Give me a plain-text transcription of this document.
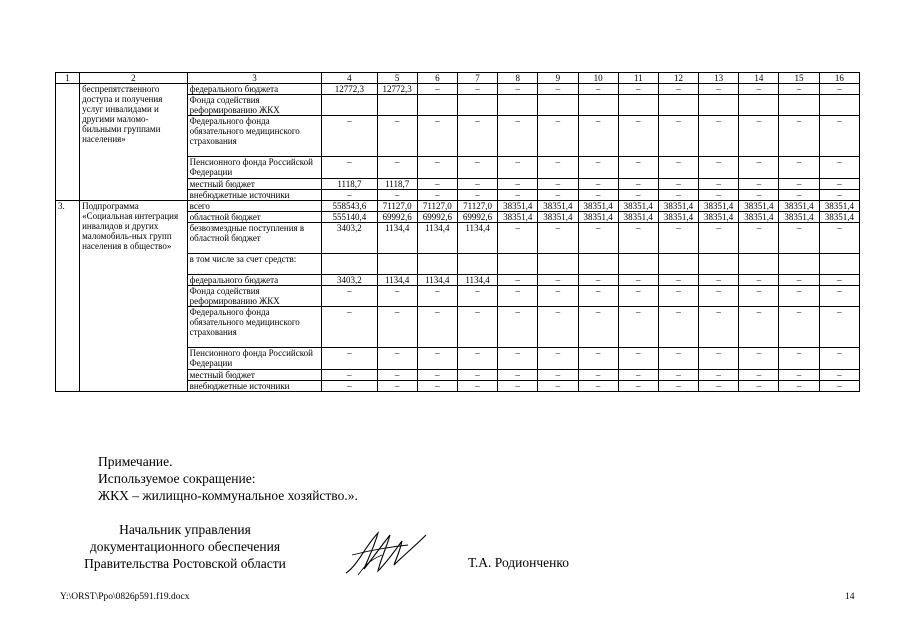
1	2	3	4	5	6	7	8	9	10	11	12	13	14	15	16
	беспрепятственного доступа и получения услуг инвалидами и другими маломо-бильными группами населения»	федерального бюджета	12772,3	12772,3	–	–	–	–	–	–	–	–	–	–	–
		Фонда содействия реформированию ЖКХ													
		Федерального фонда обязательного медицинского страхования	–	–	–	–	–	–	–	–	–	–	–	–	–
		Пенсионного фонда Российской Федерации	–	–	–	–	–	–	–	–	–	–	–	–	–
		местный бюджет	1118,7	1118,7	–	–	–	–	–	–	–	–	–	–	–
		внебюджетные источники	–	–	–	–	–	–	–	–	–	–	–	–	–
3.	Подпрограмма «Социальная интеграция инвалидов и других маломобиль-ных групп населения в общество»	всего	558543,6	71127,0	71127,0	71127,0	38351,4	38351,4	38351,4	38351,4	38351,4	38351,4	38351,4	38351,4	38351,4
		областной бюджет	555140,4	69992,6	69992,6	69992,6	38351,4	38351,4	38351,4	38351,4	38351,4	38351,4	38351,4	38351,4	38351,4
		безвозмездные поступления в областной бюджет	3403,2	1134,4	1134,4	1134,4	–	–	–	–	–	–	–	–	–
		в том числе за счет средств:													
		федерального бюджета	3403,2	1134,4	1134,4	1134,4	–	–	–	–	–	–	–	–	–
		Фонда содействия реформированию ЖКХ	–	–	–	–	–	–	–	–	–	–	–	–	–
		Федерального фонда обязательного медицинского страхования	–	–	–	–	–	–	–	–	–	–	–	–	–
		Пенсионного фонда Российской Федерации	–	–	–	–	–	–	–	–	–	–	–	–	–
		местный бюджет	–	–	–	–	–	–	–	–	–	–	–	–	–
		внебюджетные источники	–	–	–	–	–	–	–	–	–	–	–	–	–
Примечание.
Используемое сокращение:
ЖКХ – жилищно-коммунальное хозяйство.».
Начальник управления
документационного обеспечения
Правительства Ростовской области	Т.А. Родионченко
Y:\ORST\Ppo\0826p591.f19.docx	14
